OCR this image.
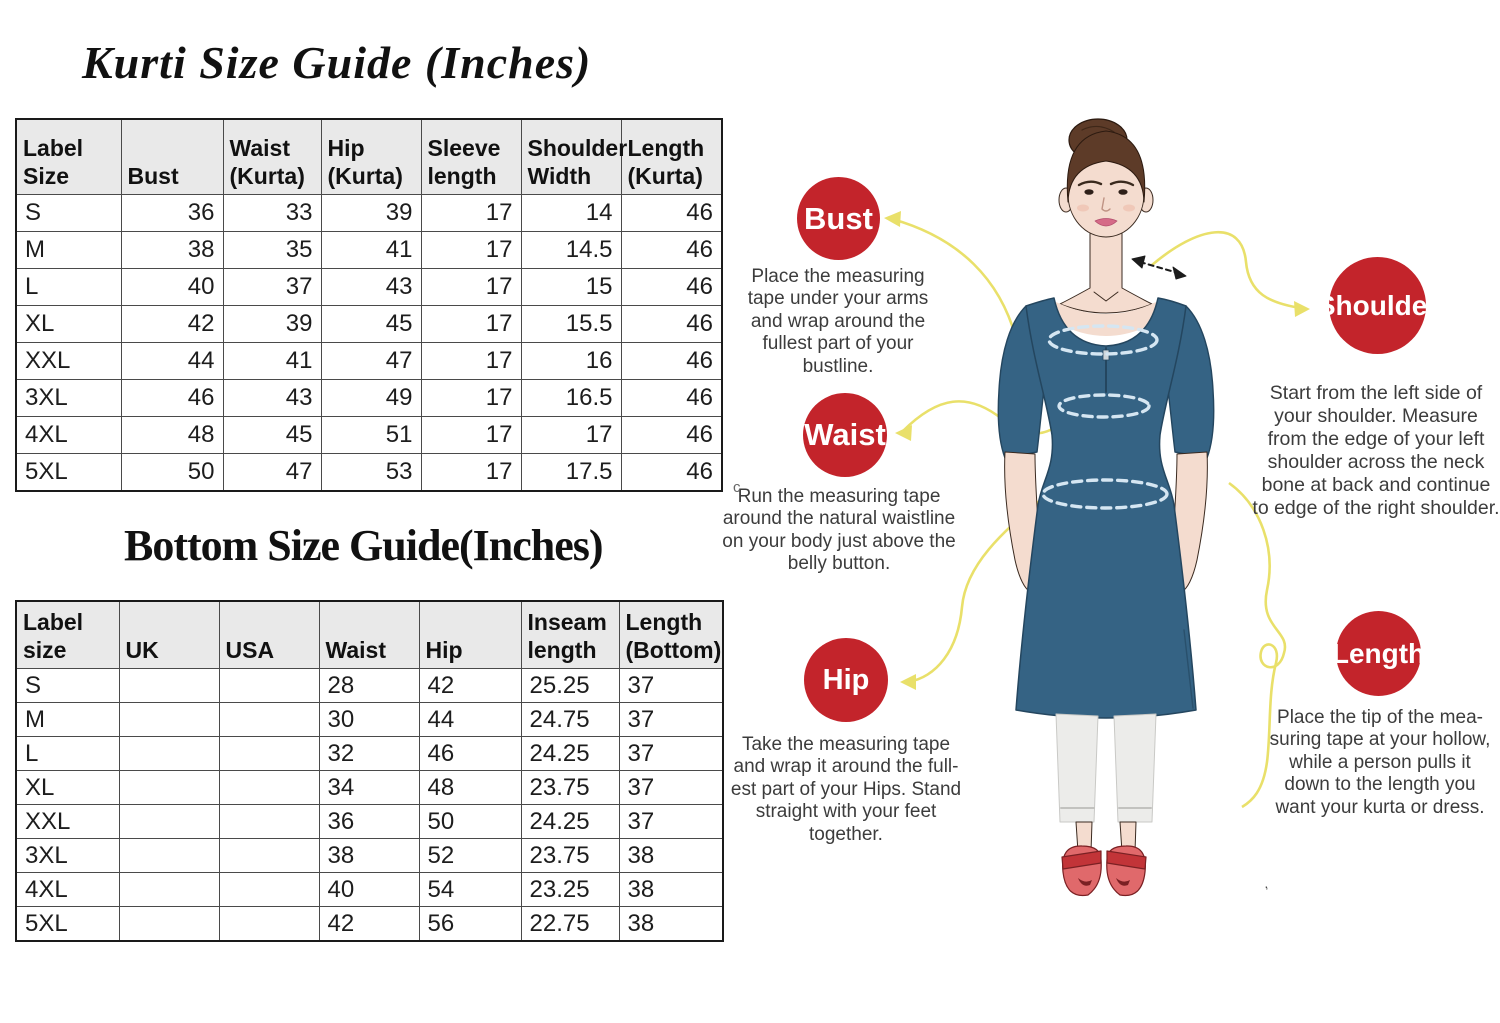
Kurti Size Guide (Inches)
Bottom Size Guide(Inches)
Label Size	Bust	Waist (Kurta)	Hip (Kurta)	Sleeve length	Shoulder Width	Length (Kurta)
S	36	33	39	17	14	46
M	38	35	41	17	14.5	46
L	40	37	43	17	15	46
XL	42	39	45	17	15.5	46
XXL	44	41	47	17	16	46
3XL	46	43	49	17	16.5	46
4XL	48	45	51	17	17	46
5XL	50	47	53	17	17.5	46
Label size	UK	USA	Waist	Hip	Inseam length	Length (Bottom)
S			28	42	25.25	37
M			30	44	24.75	37
L			32	46	24.25	37
XL			34	48	23.75	37
XXL			36	50	24.25	37
3XL			38	52	23.75	38
4XL			40	54	23.25	38
5XL			42	56	22.75	38
Bust
Waist
Hip
Shoulder
Length
Place the measuring tape under your arms and wrap around the fullest part of your bustline.
Run the measuring tape around the natural waistline on your body just above the belly button.
Take the measuring tape and wrap it around the full- est part of your Hips. Stand straight with your feet together.
Start from the left side of your shoulder. Measure from the edge of your left shoulder across the neck bone at back and continue to edge of the right shoulder.
Place the tip of the mea- suring tape at your hollow, while a person pulls it down to the length you want your kurta or dress.
c
’
